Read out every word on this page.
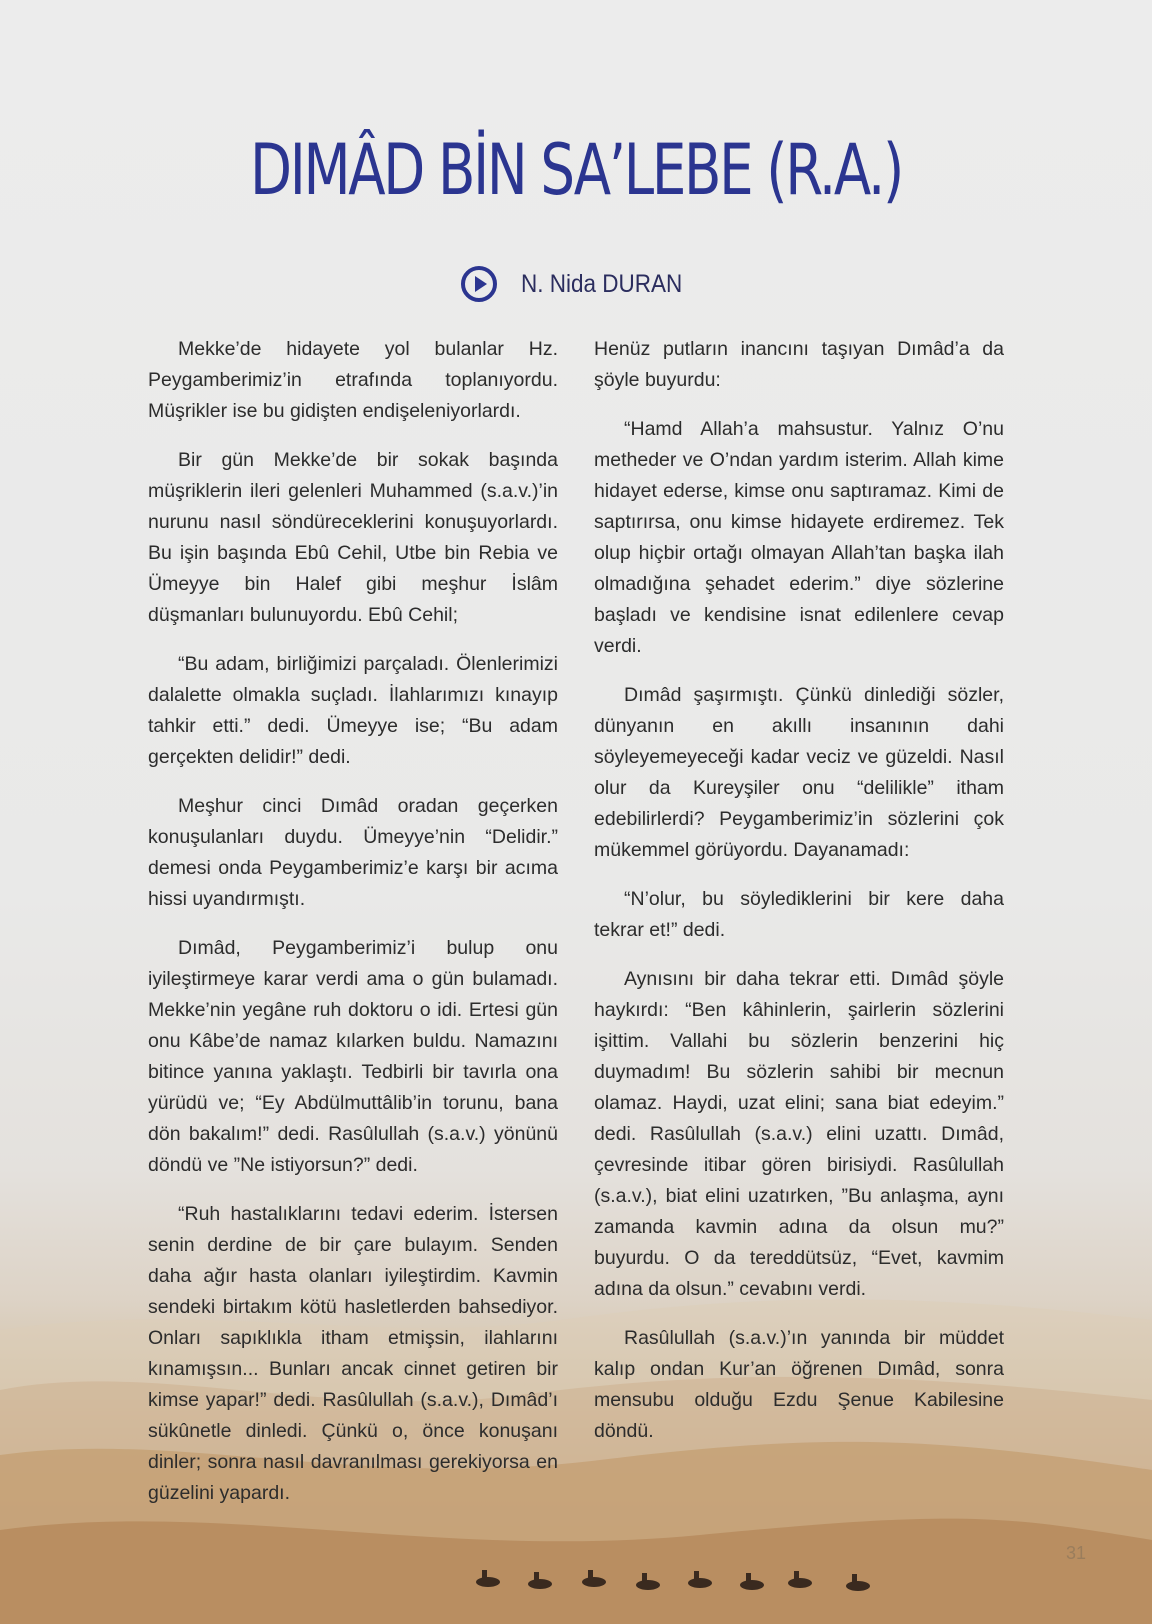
DIMÂD BİN SA’LEBE (R.A.)
N. Nida DURAN

Mekke’de hidayete yol bulanlar Hz. Peygamberimiz’in etrafında toplanıyordu. Müşrikler ise bu gidişten endişeleniyorlardı.

Bir gün Mekke’de bir sokak başında müşriklerin ileri gelenleri Muhammed (s.a.v.)’in nurunu nasıl söndüreceklerini konuşuyorlardı. Bu işin başında Ebû Cehil, Utbe bin Rebia ve Ümeyye bin Halef gibi meşhur İslâm düşmanları bulunuyordu. Ebû Cehil;

“Bu adam, birliğimizi parçaladı. Ölenlerimizi dalalette olmakla suçladı. İlahlarımızı kınayıp tahkir etti.” dedi. Ümeyye ise; “Bu adam gerçekten delidir!” dedi.

Meşhur cinci Dımâd oradan geçerken konuşulanları duydu. Ümeyye’nin “Delidir.” demesi onda Peygamberimiz’e karşı bir acıma hissi uyandırmıştı.

Dımâd, Peygamberimiz’i bulup onu iyileştirmeye karar verdi ama o gün bulamadı. Mekke’nin yegâne ruh doktoru o idi. Ertesi gün onu Kâbe’de namaz kılarken buldu. Namazını bitince yanına yaklaştı. Tedbirli bir tavırla ona yürüdü ve; “Ey Abdülmuttâlib’in torunu, bana dön bakalım!” dedi. Rasûlullah (s.a.v.) yönünü döndü ve ”Ne istiyorsun?” dedi.

“Ruh hastalıklarını tedavi ederim. İstersen senin derdine de bir çare bulayım. Senden daha ağır hasta olanları iyileştirdim. Kavmin sendeki birtakım kötü hasletlerden bahsediyor. Onları sapıklıkla itham etmişsin, ilahlarını kınamışsın... Bunları ancak cinnet getiren bir kimse yapar!” dedi. Rasûlullah (s.a.v.), Dımâd’ı sükûnetle dinledi. Çünkü o, önce konuşanı dinler; sonra nasıl davranılması gerekiyorsa en güzelini yapardı.

Henüz putların inancını taşıyan Dımâd’a da şöyle buyurdu:

“Hamd Allah’a mahsustur. Yalnız O’nu metheder ve O’ndan yardım isterim. Allah kime hidayet ederse, kimse onu saptıramaz. Kimi de saptırırsa, onu kimse hidayete erdiremez. Tek olup hiçbir ortağı olmayan Allah’tan başka ilah olmadığına şehadet ederim.” diye sözlerine başladı ve kendisine isnat edilenlere cevap verdi.

Dımâd şaşırmıştı. Çünkü dinlediği sözler, dünyanın en akıllı insanının dahi söyleyemeyeceği kadar veciz ve güzeldi. Nasıl olur da Kureyşiler onu “delilikle” itham edebilirlerdi? Peygamberimiz’in sözlerini çok mükemmel görüyordu. Dayanamadı:

“N’olur, bu söylediklerini bir kere daha tekrar et!” dedi.

Aynısını bir daha tekrar etti. Dımâd şöyle haykırdı: “Ben kâhinlerin, şairlerin sözlerini işittim. Vallahi bu sözlerin benzerini hiç duymadım! Bu sözlerin sahibi bir mecnun olamaz. Haydi, uzat elini; sana biat edeyim.” dedi. Rasûlullah (s.a.v.) elini uzattı. Dımâd, çevresinde itibar gören birisiydi. Rasûlullah (s.a.v.), biat elini uzatırken, ”Bu anlaşma, aynı zamanda kavmin adına da olsun mu?” buyurdu. O da tereddütsüz, “Evet, kavmim adına da olsun.” cevabını verdi.

Rasûlullah (s.a.v.)’ın yanında bir müddet kalıp ondan Kur’an öğrenen Dımâd, sonra mensubu olduğu Ezdu Şenue Kabilesine döndü.

31
